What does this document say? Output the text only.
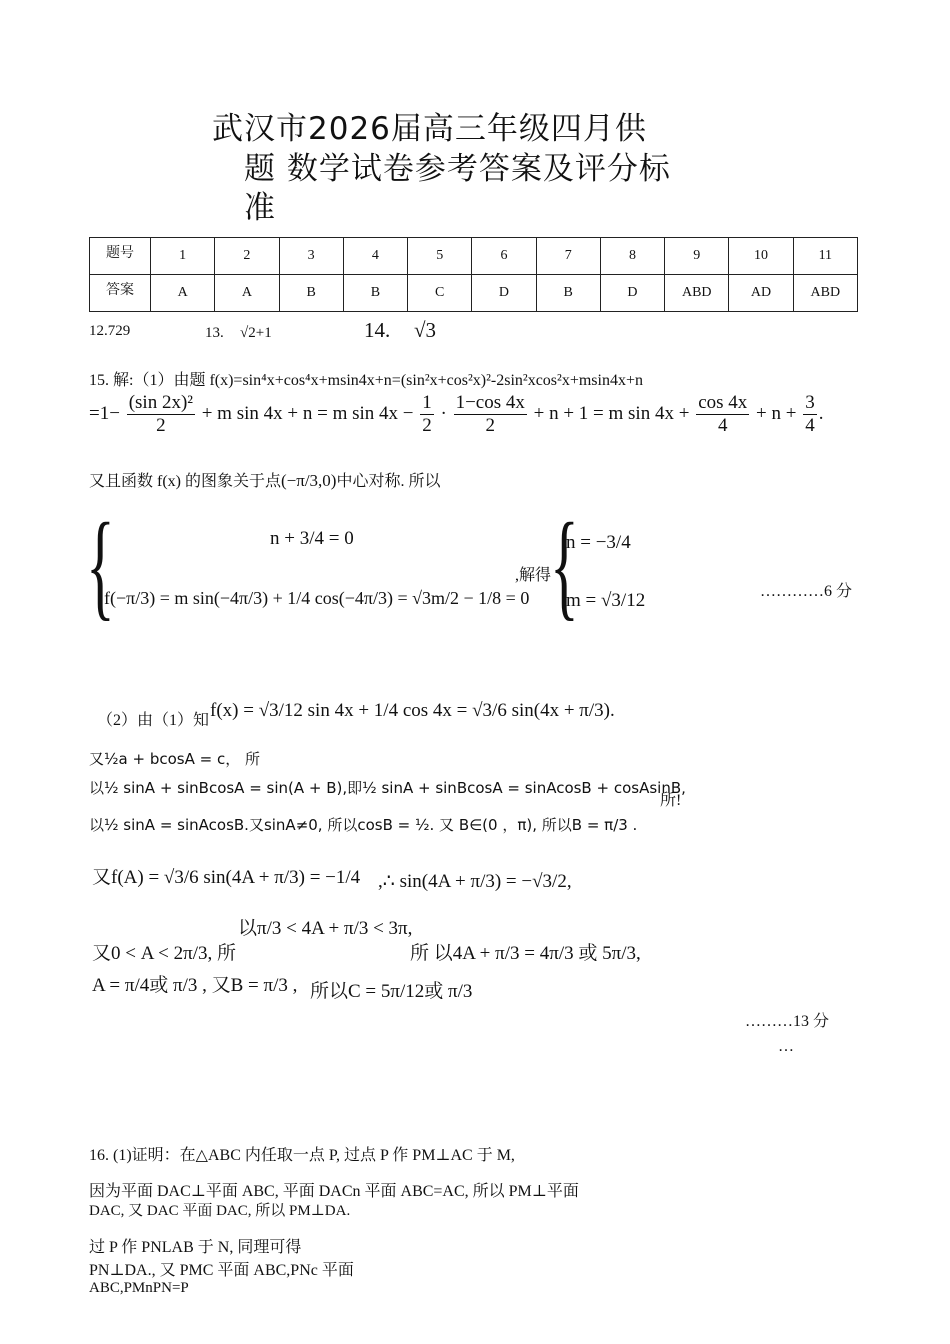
武汉市2026届高三年级四月供
题 数学试卷参考答案及评分标
准
题号	1	2	3	4	5	6	7	8	9	10	11
答案	A	A	B	B	C	D	B	D	ABD	AD	ABD
12.729	13. √2+1	14. √3
15. 解:（1）由题 f(x)=sin⁴x+cos⁴x+msin4x+n=(sin²x+cos²x)²-2sin²xcos²x+msin4x+n
$=1- \frac{\text{(sin 2x)²}}{2} + m$ sin 4x + n = m $\sin 4x - \frac{1}{2} \cdot \frac{1-\cos 4x}{2} + n + 1 = m$ $\sin 4x + \frac{\cos 4x}{4} + n + \frac{3}{4}$ .
又且函数 f(x) 的图象关于点(−π/3,0)中心对称. 所以
{	n + 3/4 = 0
f(−π/3) = m sin(−4π/3) + 1/4 cos(−4π/3) = √3m/2 − 1/8 = 0
,解得
{
n = −3/4
m = √3/12	…………6 分
（2）由（1）知 f(x) = √3/12 sin 4x + 1/4 cos 4x = √3/6 sin(4x + π/3).
又½a + bcosA = c， 所
以½ sinA + sinBcosA = sin(A + B),即½ sinA + sinBcosA = sinAcosB + cosAsinB,
所!
以½ sinA = sinAcosB.又sinA≠0, 所以cosB = ½. 又 B∈(0 ，π), 所以B = π/3 .
又f(A) = √3/6 sin(4A + π/3) = −1/4 ,∴ sin(4A + π/3) = −√3/2,
以π/3 < 4A + π/3 < 3π,
又0 < A < 2π/3, 所	所 以4A + π/3 = 4π/3 或 5π/3,
A = π/4或 π/3 , 又B = π/3 , 所以C = 5π/12或 π/3
………13 分
…
16. (1)证明：在△ABC 内任取一点 P, 过点 P 作 PM⊥AC 于 M,
因为平面 DAC⊥平面 ABC, 平面 DACn 平面 ABC=AC, 所以 PM⊥平面
DAC, 又 DAC 平面 DAC, 所以 PM⊥DA.
过 P 作 PNLAB 于 N, 同理可得
PN⊥DA., 又 PMC 平面 ABC,PNc 平面
ABC,PMnPN=P
